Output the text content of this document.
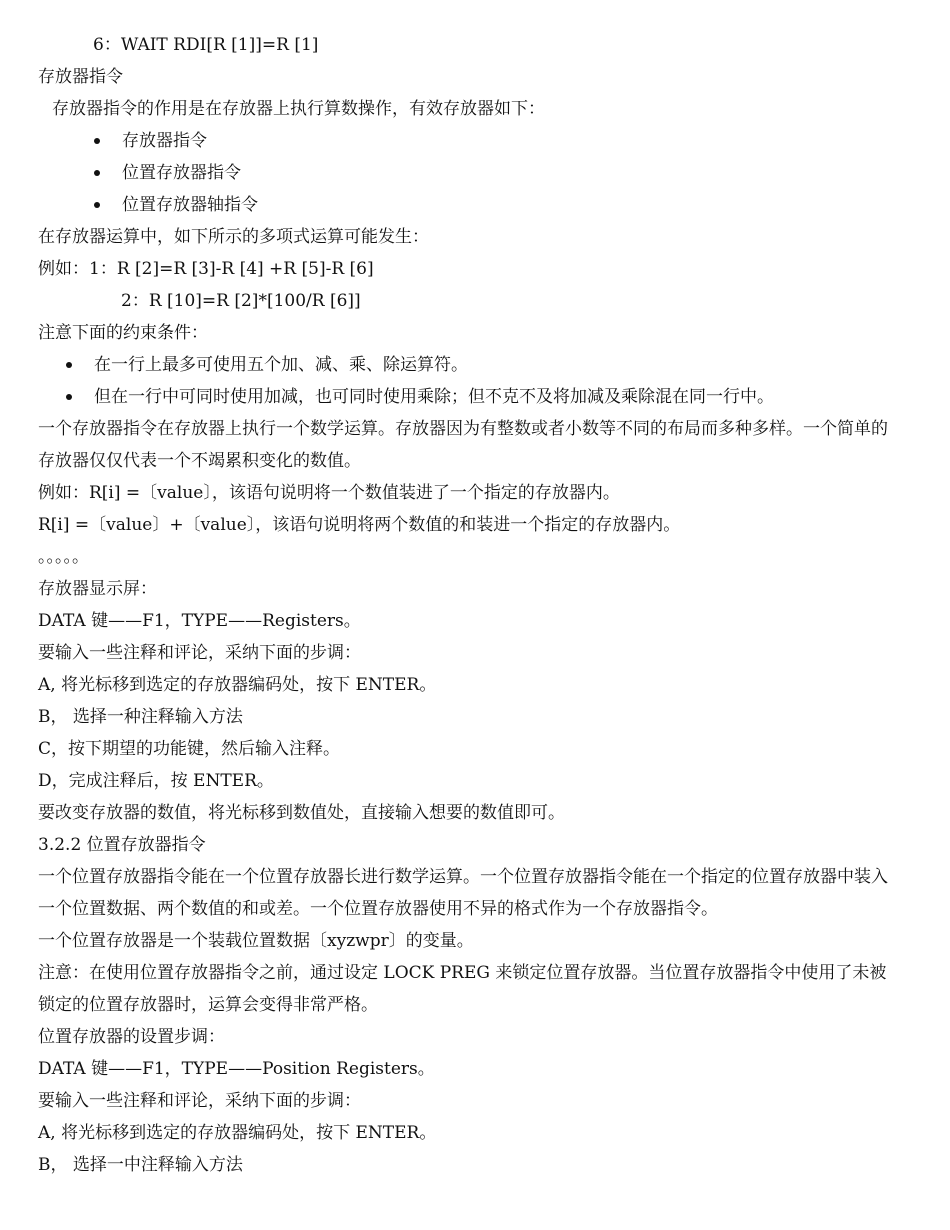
6：WAIT RDI[R [1]]=R [1]
存放器指令
存放器指令的作用是在存放器上执行算数操作，有效存放器如下：
存放器指令
位置存放器指令
位置存放器轴指令
在存放器运算中，如下所示的多项式运算可能发生：
例如：1：R [2]=R [3]-R [4] +R [5]-R [6]
2：R [10]=R [2]*[100/R [6]]
注意下面的约束条件：
在一行上最多可使用五个加、减、乘、除运算符。
但在一行中可同时使用加减，也可同时使用乘除；但不克不及将加减及乘除混在同一行中。
一个存放器指令在存放器上执行一个数学运算。存放器因为有整数或者小数等不同的布局而多种多样。一个简单的存放器仅仅代表一个不竭累积变化的数值。
例如：R[i] =〔value〕，该语句说明将一个数值装进了一个指定的存放器内。
R[i] =〔value〕+〔value〕，该语句说明将两个数值的和装进一个指定的存放器内。
。。。。。
存放器显示屏：
DATA 键——F1，TYPE——Registers。
要输入一些注释和评论，采纳下面的步调：
A, 将光标移到选定的存放器编码处，按下 ENTER。
B， 选择一种注释输入方法
C，按下期望的功能键，然后输入注释。
D，完成注释后，按 ENTER。
要改变存放器的数值，将光标移到数值处，直接输入想要的数值即可。
3.2.2 位置存放器指令
一个位置存放器指令能在一个位置存放器长进行数学运算。一个位置存放器指令能在一个指定的位置存放器中装入一个位置数据、两个数值的和或差。一个位置存放器使用不异的格式作为一个存放器指令。
一个位置存放器是一个装载位置数据〔xyzwpr〕的变量。
注意：在使用位置存放器指令之前，通过设定 LOCK PREG 来锁定位置存放器。当位置存放器指令中使用了未被锁定的位置存放器时，运算会变得非常严格。
位置存放器的设置步调：
DATA 键——F1，TYPE——Position Registers。
要输入一些注释和评论，采纳下面的步调：
A, 将光标移到选定的存放器编码处，按下 ENTER。
B， 选择一中注释输入方法
